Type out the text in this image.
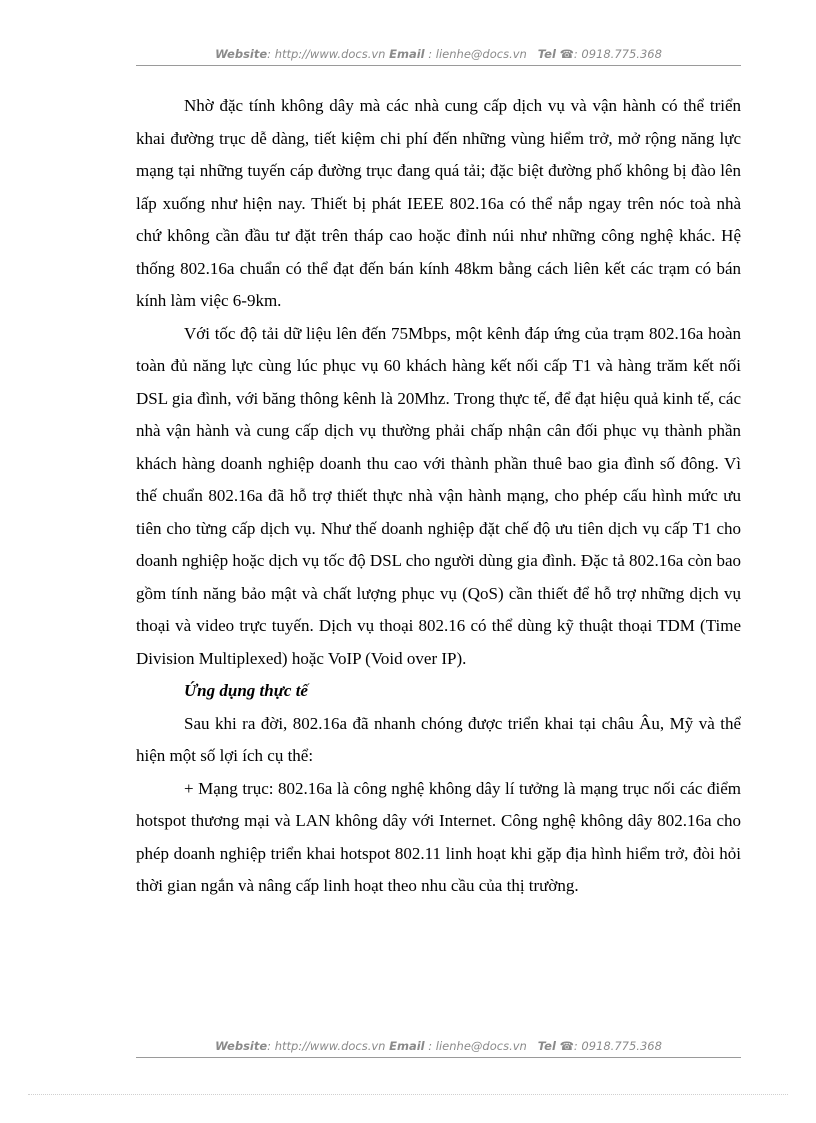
Website: http://www.docs.vn Email : lienhe@docs.vn Tel ☎: 0918.775.368

Nhờ đặc tính không dây mà các nhà cung cấp dịch vụ và vận hành có thể triển khai đường trục dễ dàng, tiết kiệm chi phí đến những vùng hiểm trở, mở rộng năng lực mạng tại những tuyến cáp đường trục đang quá tải; đặc biệt đường phố không bị đào lên lấp xuống như hiện nay. Thiết bị phát IEEE 802.16a có thể nắp ngay trên nóc toà nhà chứ không cần đầu tư đặt trên tháp cao hoặc đỉnh núi như những công nghệ khác. Hệ thống 802.16a chuẩn có thể đạt đến bán kính 48km bằng cách liên kết các trạm có bán kính làm việc 6-9km.

Với tốc độ tải dữ liệu lên đến 75Mbps, một kênh đáp ứng của trạm 802.16a hoàn toàn đủ năng lực cùng lúc phục vụ 60 khách hàng kết nối cấp T1 và hàng trăm kết nối DSL gia đình, với băng thông kênh là 20Mhz. Trong thực tế, để đạt hiệu quả kinh tế, các nhà vận hành và cung cấp dịch vụ thường phải chấp nhận cân đối phục vụ thành phần khách hàng doanh nghiệp doanh thu cao với thành phần thuê bao gia đình số đông. Vì thế chuẩn 802.16a đã hỗ trợ thiết thực nhà vận hành mạng, cho phép cấu hình mức ưu tiên cho từng cấp dịch vụ. Như thế doanh nghiệp đặt chế độ ưu tiên dịch vụ cấp T1 cho doanh nghiệp hoặc dịch vụ tốc độ DSL cho người dùng gia đình. Đặc tả 802.16a còn bao gồm tính năng bảo mật và chất lượng phục vụ (QoS) cần thiết để hỗ trợ những dịch vụ thoại và video trực tuyến. Dịch vụ thoại 802.16 có thể dùng kỹ thuật thoại TDM (Time Division Multiplexed) hoặc VoIP (Void over IP).

Ứng dụng thực tế

Sau khi ra đời, 802.16a đã nhanh chóng được triển khai tại châu Âu, Mỹ và thể hiện một số lợi ích cụ thể:

+ Mạng trục: 802.16a là công nghệ không dây lí tưởng là mạng trục nối các điểm hotspot thương mại và LAN không dây với Internet. Công nghệ không dây 802.16a cho phép doanh nghiệp triển khai hotspot 802.11 linh hoạt khi gặp địa hình hiểm trở, đòi hỏi thời gian ngắn và nâng cấp linh hoạt theo nhu cầu của thị trường.

Website: http://www.docs.vn Email : lienhe@docs.vn Tel ☎: 0918.775.368
